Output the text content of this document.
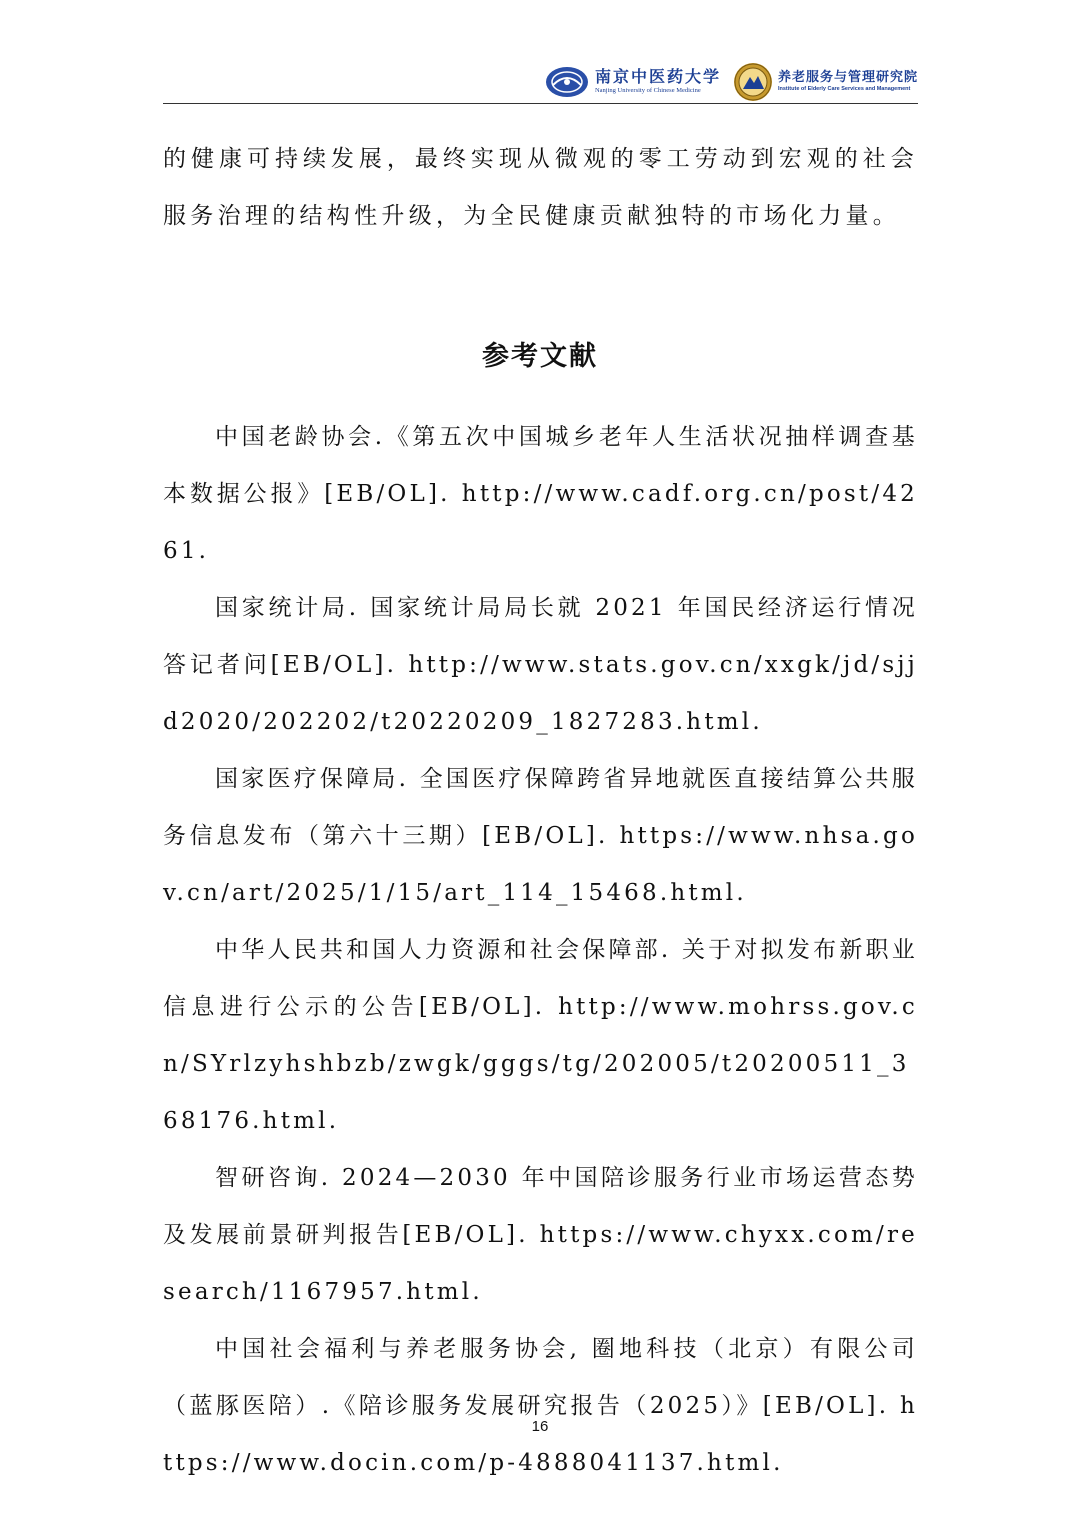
南京中医药大学
Nanjing University of Chinese Medicine
养老服务与管理研究院
Institute of Elderly Care Services and Management

的健康可持续发展，最终实现从微观的零工劳动到宏观的社会服务治理的结构性升级，为全民健康贡献独特的市场化力量。

参考文献
中国老龄协会.《第五次中国城乡老年人生活状况抽样调查基本数据公报》[EB/OL]. http://www.cadf.org.cn/post/4261.
国家统计局. 国家统计局局长就 2021 年国民经济运行情况答记者问[EB/OL]. http://www.stats.gov.cn/xxgk/jd/sjjd2020/202202/t20220209_1827283.html.
国家医疗保障局. 全国医疗保障跨省异地就医直接结算公共服务信息发布（第六十三期）[EB/OL]. https://www.nhsa.gov.cn/art/2025/1/15/art_114_15468.html.
中华人民共和国人力资源和社会保障部. 关于对拟发布新职业信息进行公示的公告[EB/OL]. http://www.mohrss.gov.cn/SYrlzyhshbzb/zwgk/gggs/tg/202005/t20200511_368176.html.
智研咨询. 2024—2030 年中国陪诊服务行业市场运营态势及发展前景研判报告[EB/OL]. https://www.chyxx.com/research/1167957.html.
中国社会福利与养老服务协会, 圈地科技（北京）有限公司（蓝豚医陪）.《陪诊服务发展研究报告（2025）》[EB/OL]. https://www.docin.com/p-4888041137.html.
16
